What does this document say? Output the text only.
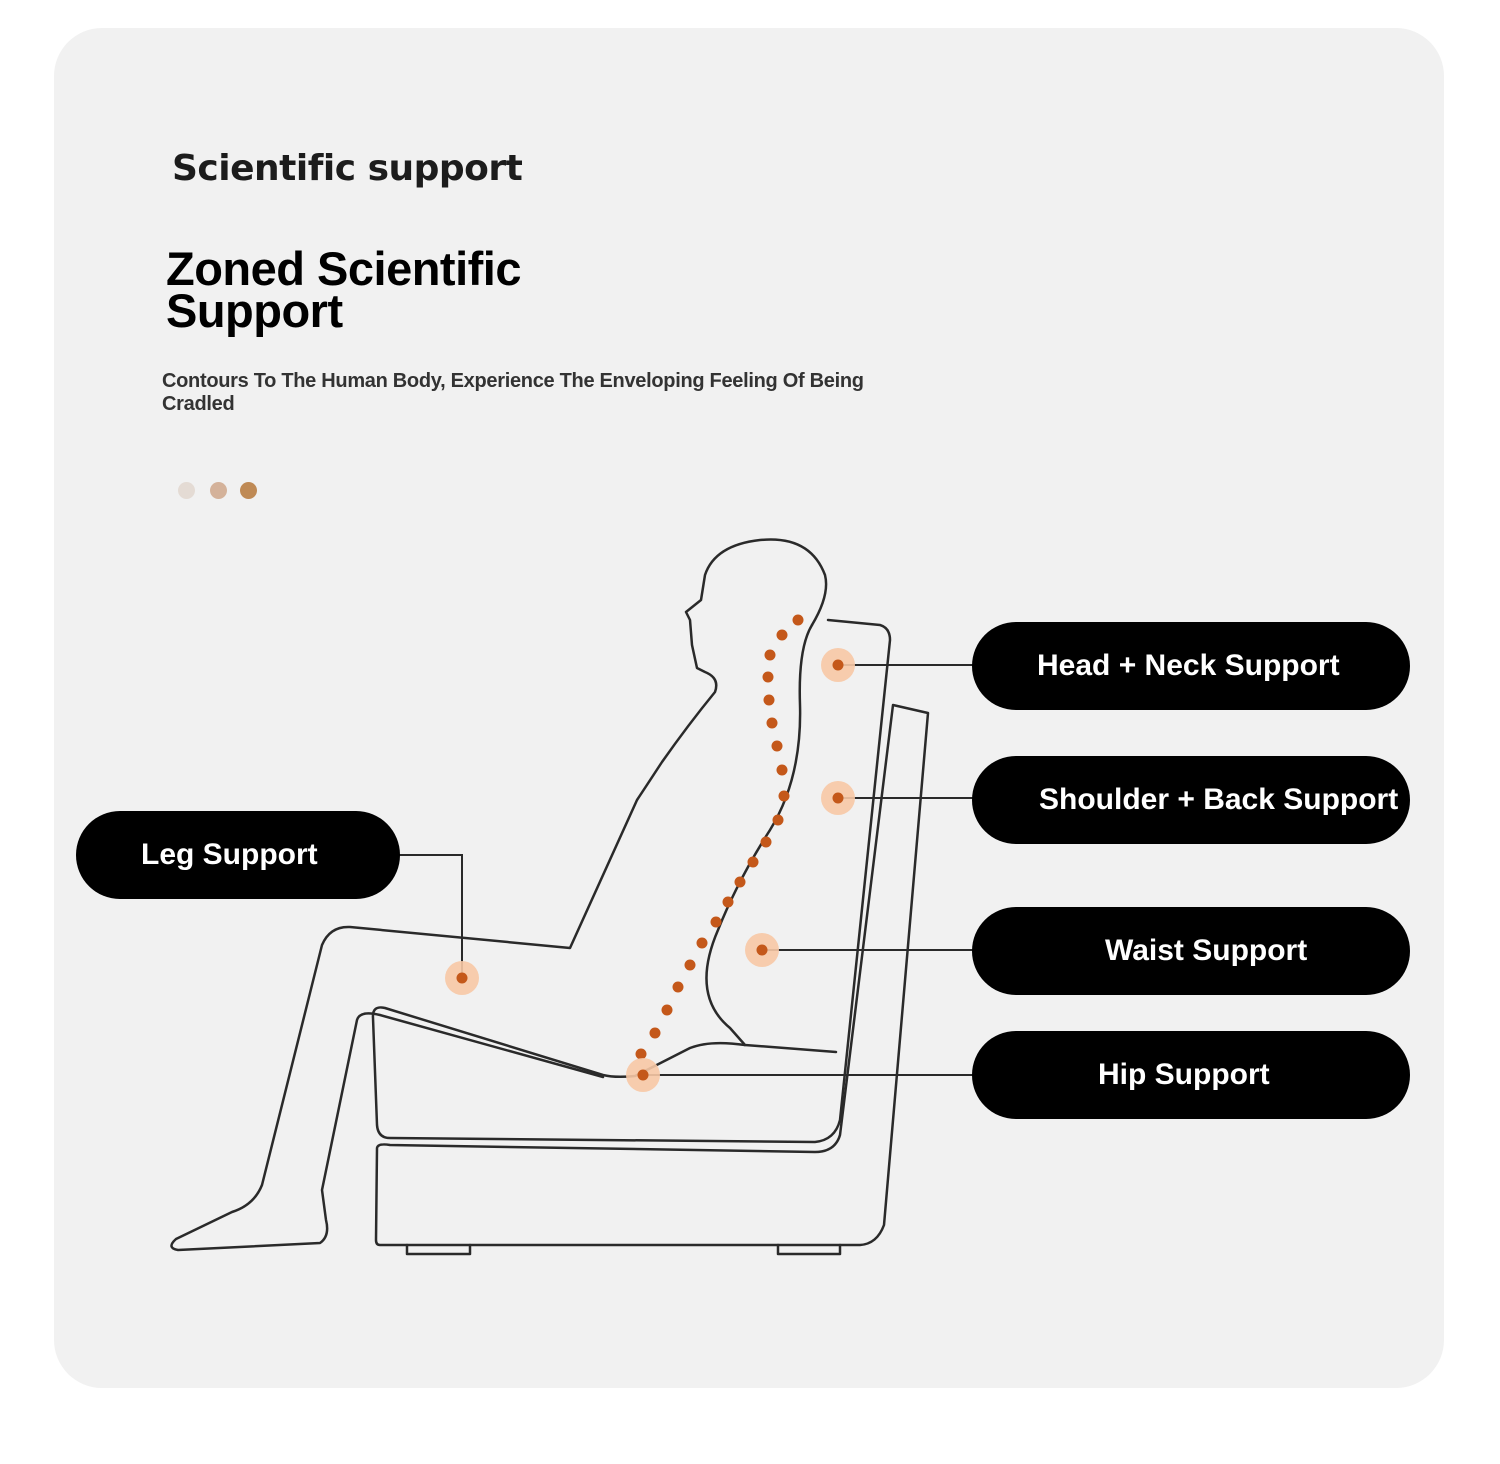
Scientific support
Zoned Scientific
Support
Contours To The Human Body, Experience The Enveloping Feeling Of Being Cradled
Head + Neck Support
Shoulder + Back Support
Waist Support
Hip Support
Leg Support
